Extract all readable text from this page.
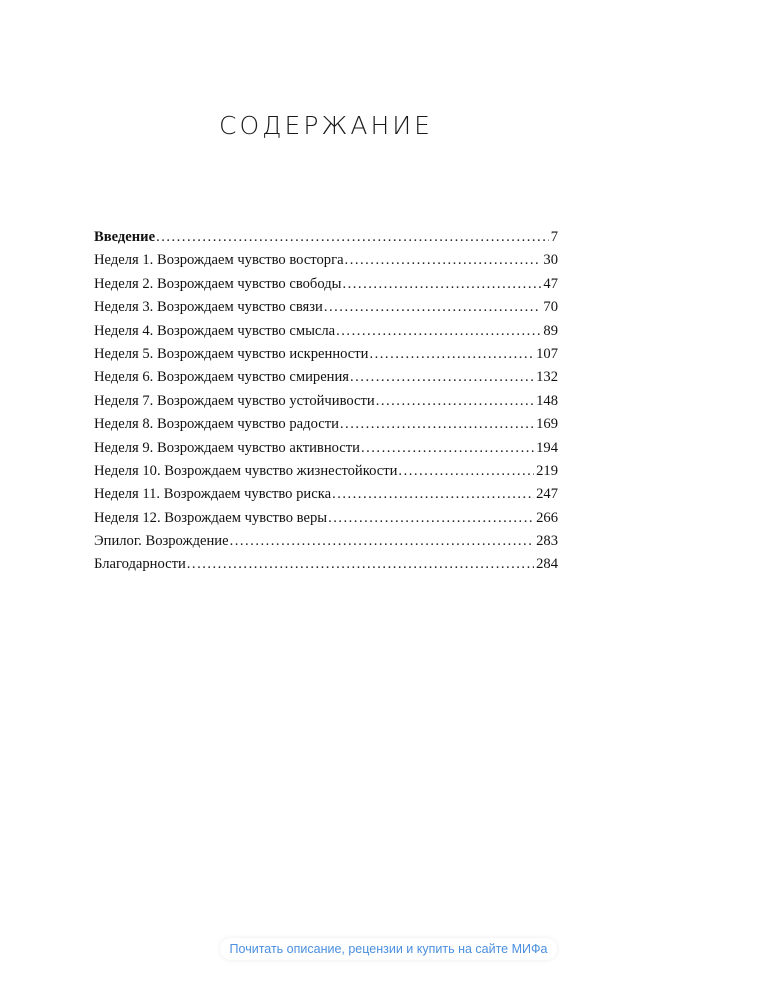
СОДЕРЖАНИЕ
Введение .....	7
Неделя 1. Возрождаем чувство восторга .....	30
Неделя 2. Возрождаем чувство свободы .....	47
Неделя 3. Возрождаем чувство связи .....	70
Неделя 4. Возрождаем чувство смысла .....	89
Неделя 5. Возрождаем чувство искренности .....	107
Неделя 6. Возрождаем чувство смирения .....	132
Неделя 7. Возрождаем чувство устойчивости .....	148
Неделя 8. Возрождаем чувство радости .....	169
Неделя 9. Возрождаем чувство активности .....	194
Неделя 10. Возрождаем чувство жизнестойкости .....	219
Неделя 11. Возрождаем чувство риска .....	247
Неделя 12. Возрождаем чувство веры .....	266
Эпилог. Возрождение .....	283
Благодарности .....	284
Почитать описание, рецензии и купить на сайте МИФа
